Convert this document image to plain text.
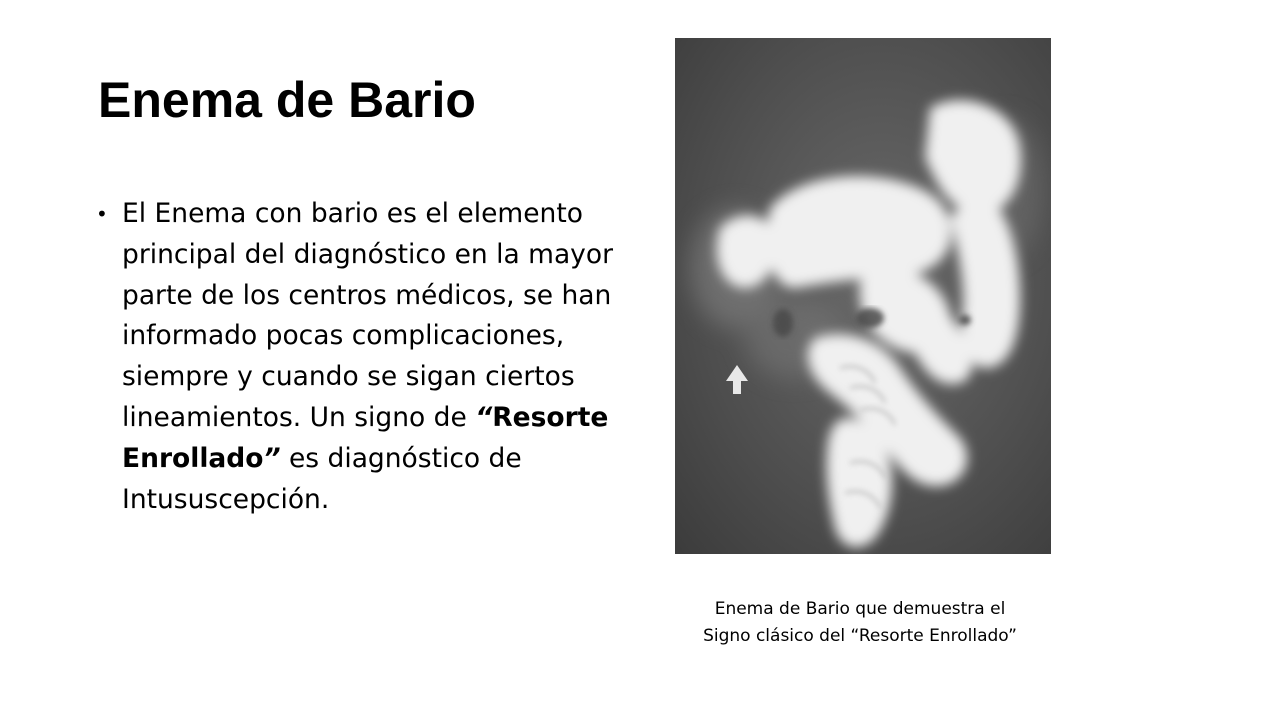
Enema de Bario
• El Enema con bario es el elemento principal del diagnóstico en la mayor parte de los centros médicos, se han informado pocas complicaciones, siempre y cuando se sigan ciertos lineamientos. Un signo de “Resorte Enrollado” es diagnóstico de Intususcepción.
Enema de Bario que demuestra el
Signo clásico del “Resorte Enrollado”
